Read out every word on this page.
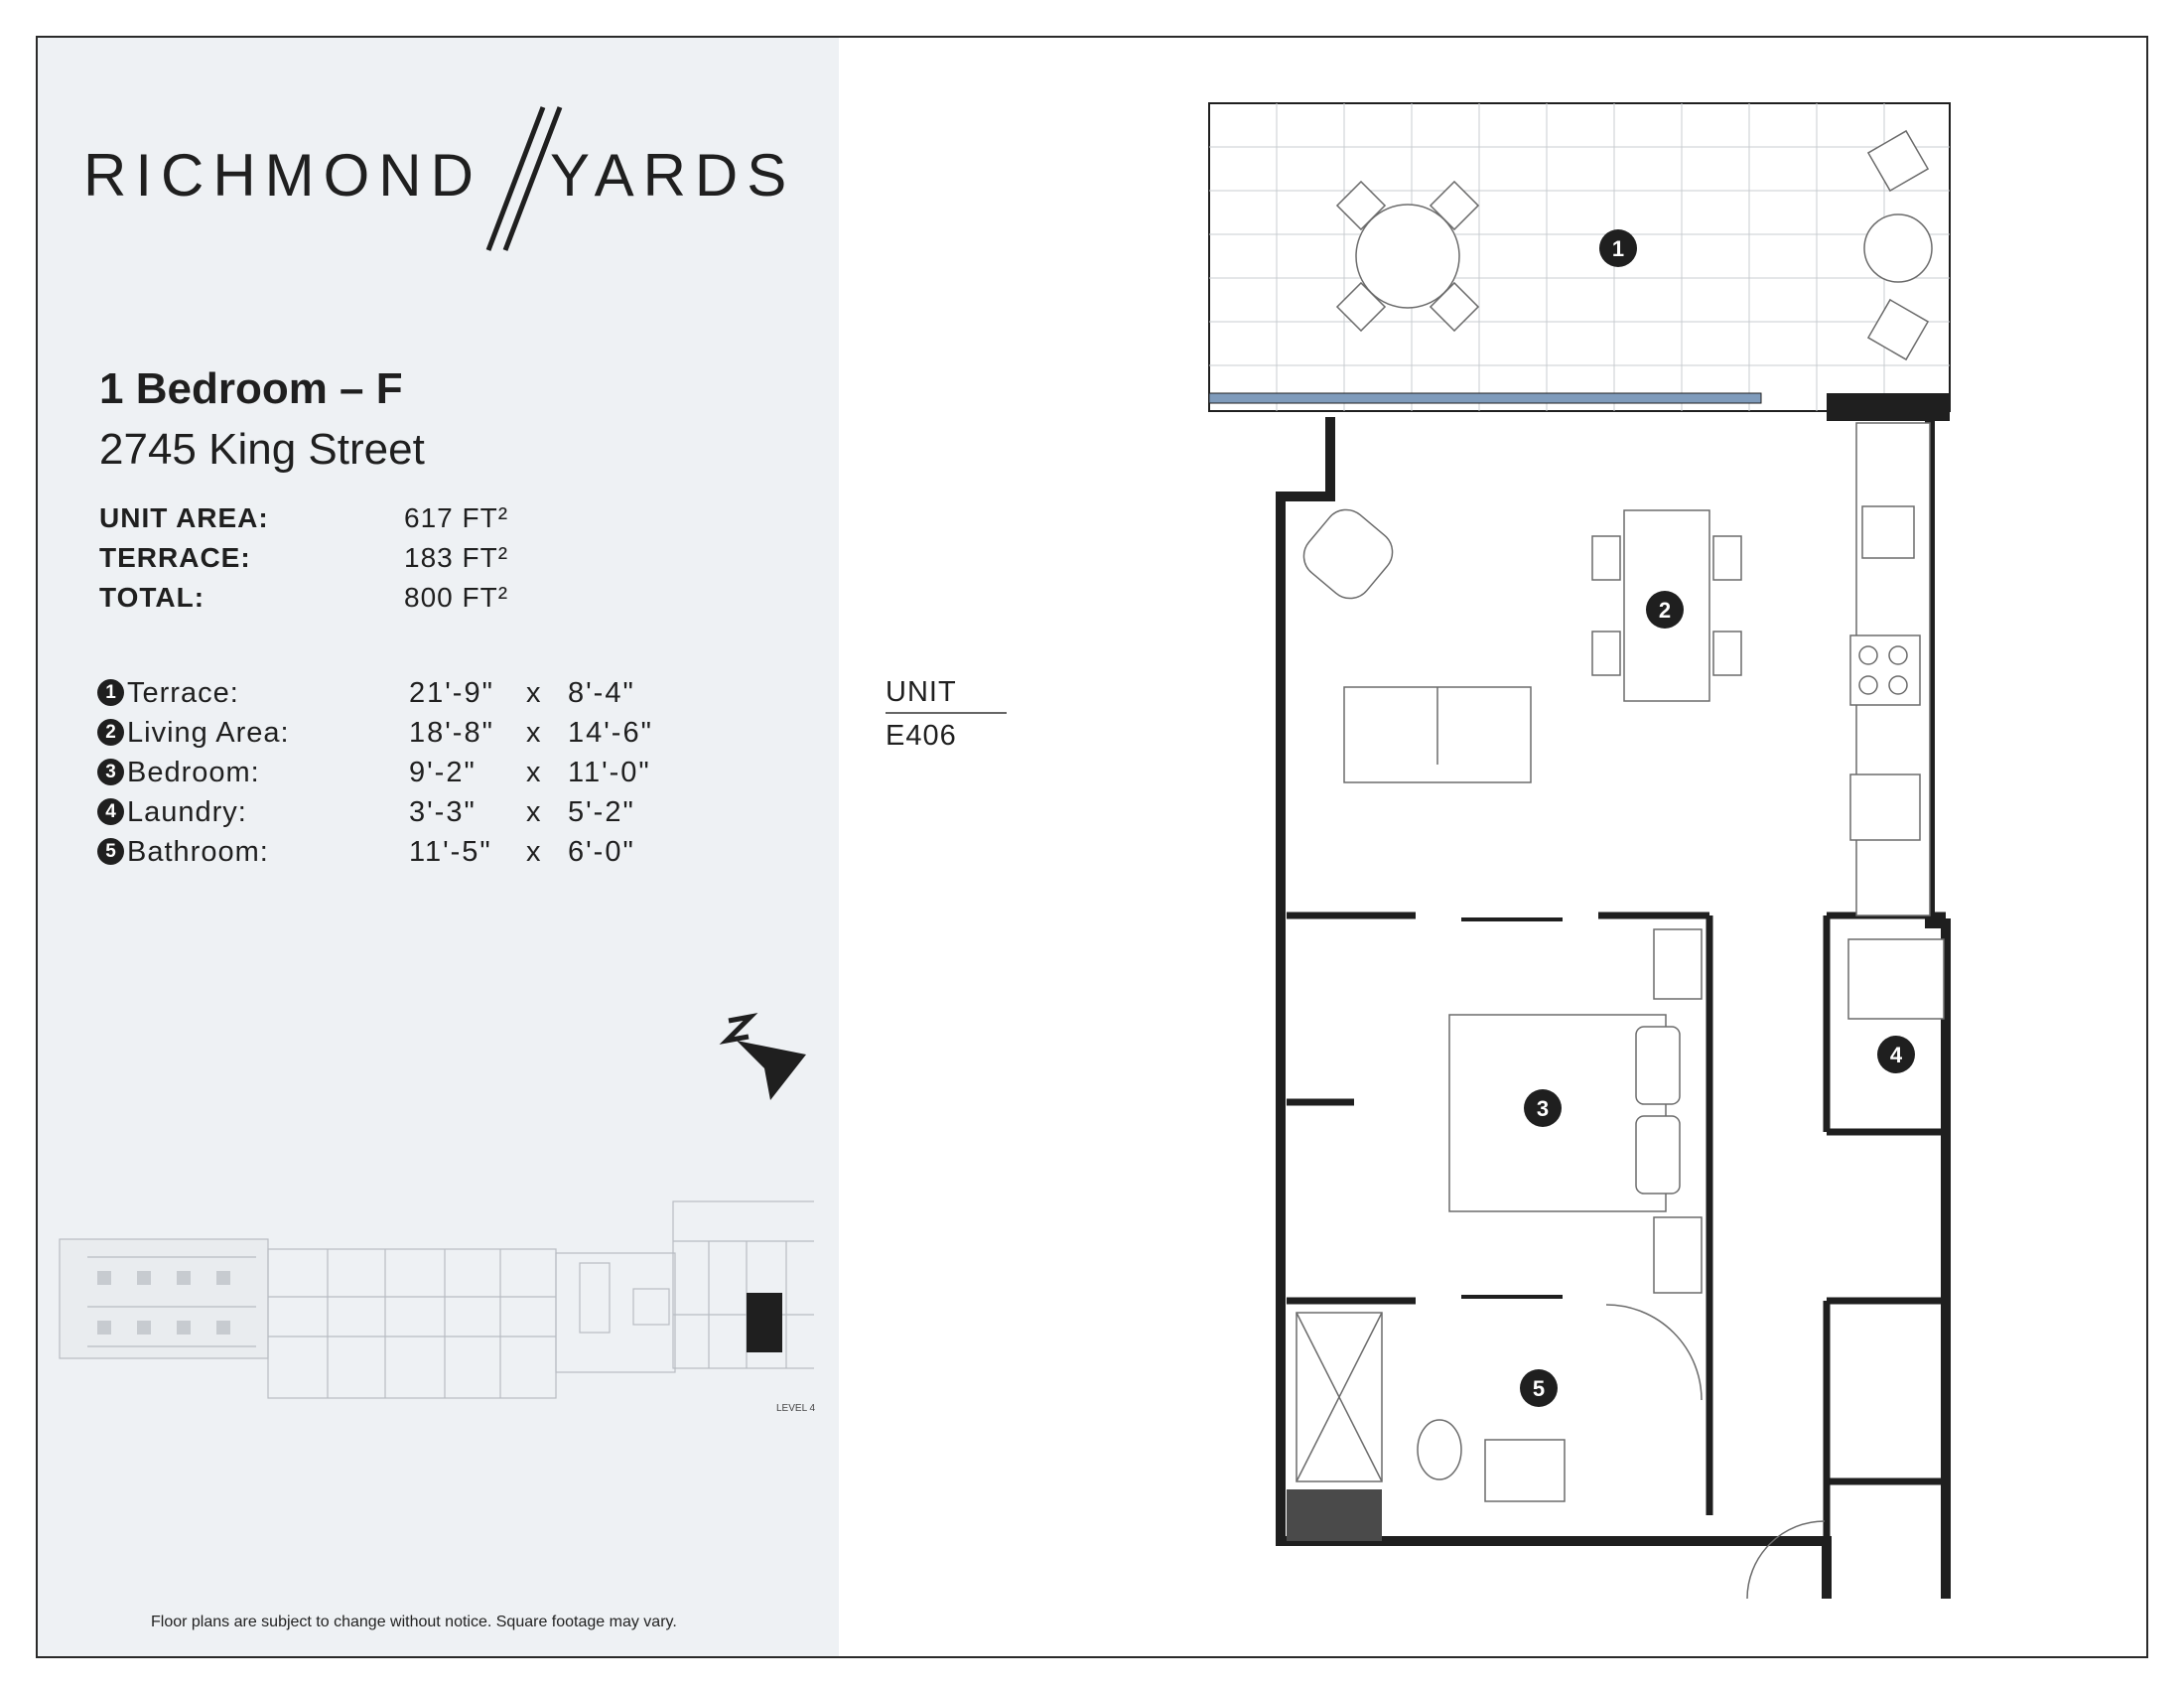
RICHMOND YARDS
1 Bedroom – F
2745 King Street
UNIT AREA:	617 FT²
TERRACE:	183 FT²
TOTAL:	800 FT²
1 Terrace:	21'-9" x 8'-4"
2 Living Area:	18'-8" x 14'-6"
3 Bedroom:	9'-2" x 11'-0"
4 Laundry:	3'-3" x 5'-2"
5 Bathroom:	11'-5" x 6'-0"
LEVEL 4
Floor plans are subject to change without notice. Square footage may vary.
UNIT
E406
1
2
3
4
5
